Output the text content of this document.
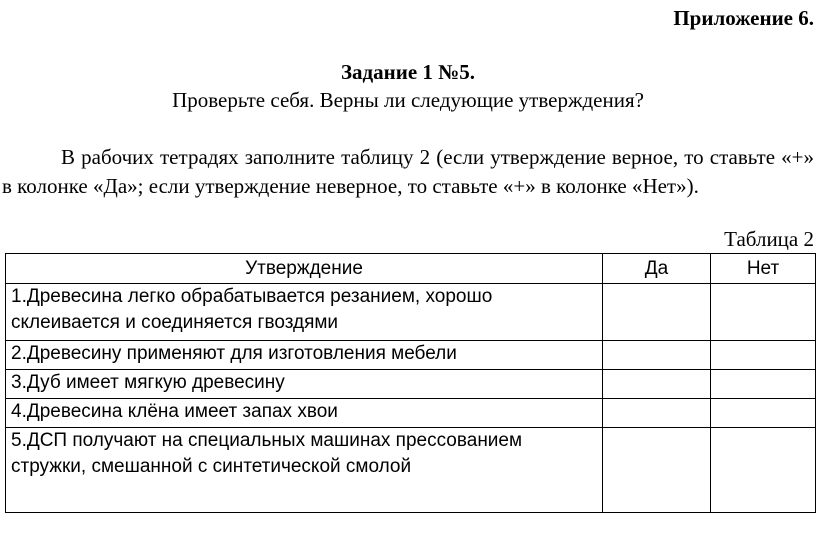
Приложение 6.
Задание 1 №5.
Проверьте себя. Верны ли следующие утверждения?

В рабочих тетрадях заполните таблицу 2 (если утверждение верное, то ставьте «+» в колонке «Да»; если утверждение неверное, то ставьте «+» в колонке «Нет»).

Таблица 2
Утверждение	Да	Нет
1.Древесина легко обрабатывается резанием, хорошо склеивается и соединяется гвоздями		
2.Древесину применяют для изготовления мебели		
3.Дуб имеет мягкую древесину		
4.Древесина клёна имеет запах хвои		
5.ДСП получают на специальных машинах прессованием стружки, смешанной с синтетической смолой		
